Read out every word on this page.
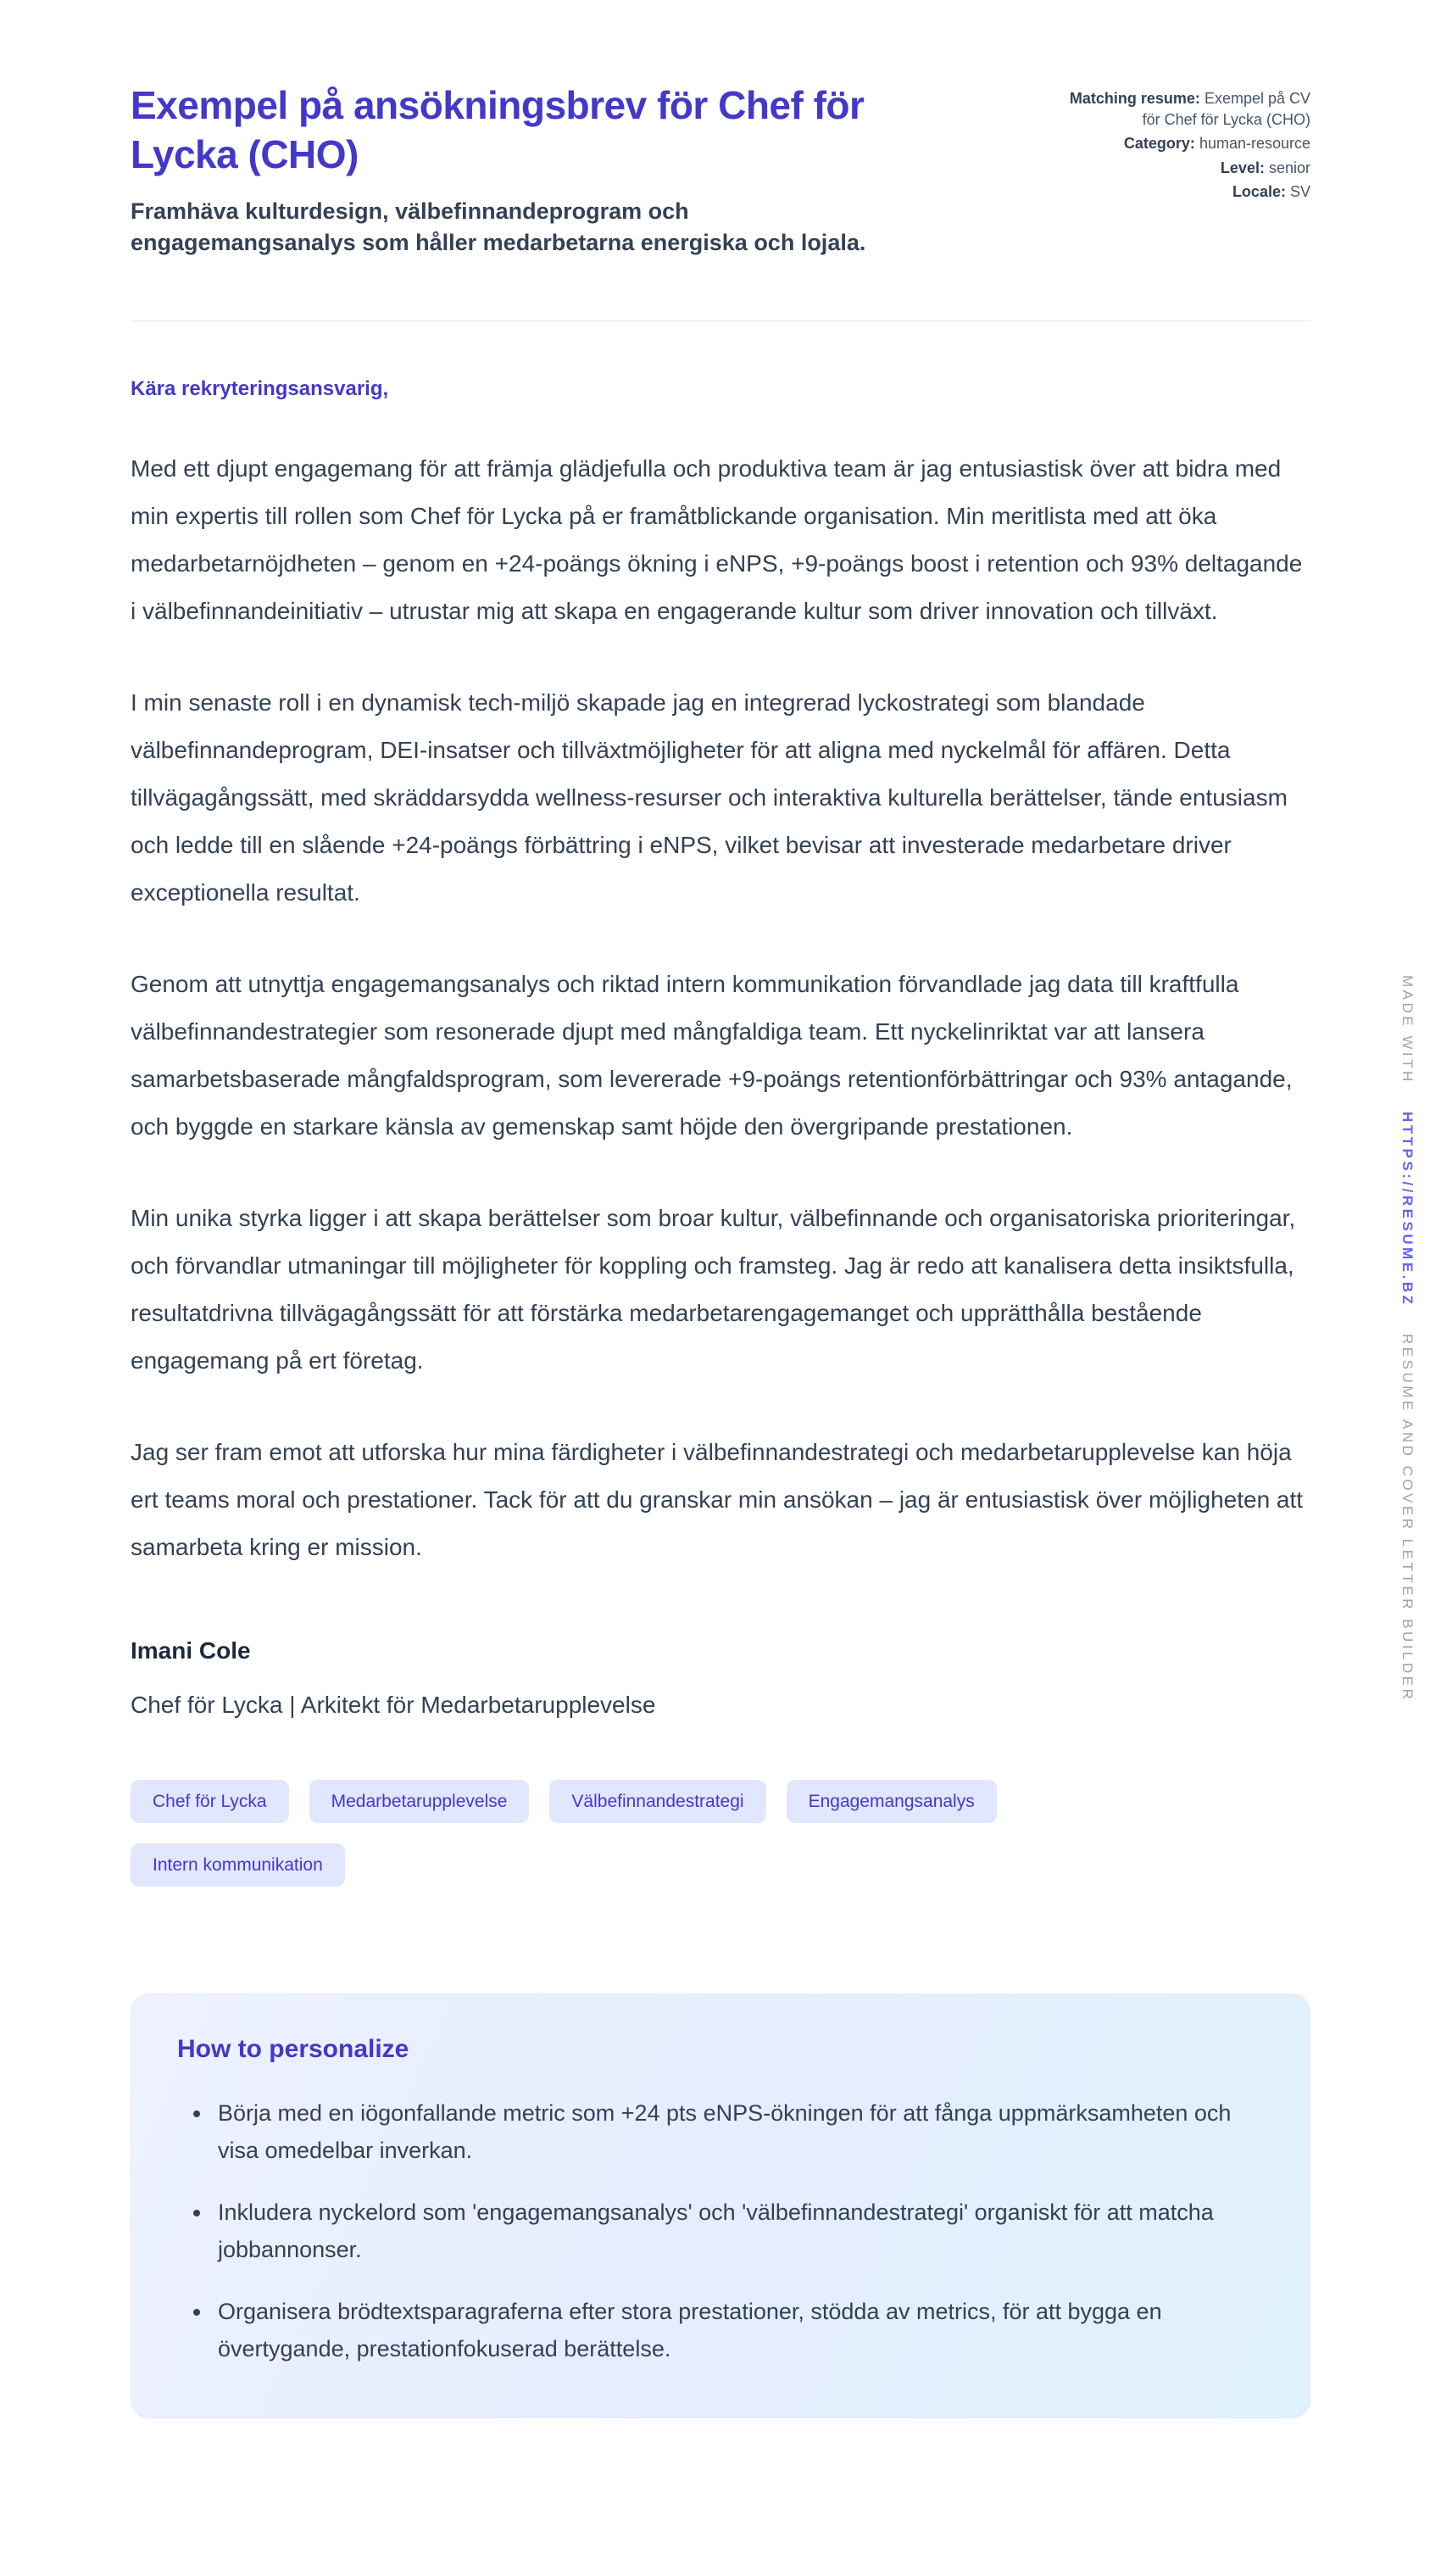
Exempel på ansökningsbrev för Chef för Lycka (CHO)
Framhäva kulturdesign, välbefinnandeprogram och engagemangsanalys som håller medarbetarna energiska och lojala.
Matching resume: Exempel på CV för Chef för Lycka (CHO)
Category: human-resource
Level: senior
Locale: SV
Kära rekryteringsansvarig,

Med ett djupt engagemang för att främja glädjefulla och produktiva team är jag entusiastisk över att bidra med min expertis till rollen som Chef för Lycka på er framåtblickande organisation. Min meritlista med att öka medarbetarnöjdheten – genom en +24-poängs ökning i eNPS, +9-poängs boost i retention och 93% deltagande i välbefinnandeinitiativ – utrustar mig att skapa en engagerande kultur som driver innovation och tillväxt.

I min senaste roll i en dynamisk tech-miljö skapade jag en integrerad lyckostrategi som blandade välbefinnandeprogram, DEI-insatser och tillväxtmöjligheter för att aligna med nyckelmål för affären. Detta tillvägagångssätt, med skräddarsydda wellness-resurser och interaktiva kulturella berättelser, tände entusiasm och ledde till en slående +24-poängs förbättring i eNPS, vilket bevisar att investerade medarbetare driver exceptionella resultat.

Genom att utnyttja engagemangsanalys och riktad intern kommunikation förvandlade jag data till kraftfulla välbefinnandestrategier som resonerade djupt med mångfaldiga team. Ett nyckelinriktat var att lansera samarbetsbaserade mångfaldsprogram, som levererade +9-poängs retentionförbättringar och 93% antagande, och byggde en starkare känsla av gemenskap samt höjde den övergripande prestationen.

Min unika styrka ligger i att skapa berättelser som broar kultur, välbefinnande och organisatoriska prioriteringar, och förvandlar utmaningar till möjligheter för koppling och framsteg. Jag är redo att kanalisera detta insiktsfulla, resultatdrivna tillvägagångssätt för att förstärka medarbetarengagemanget och upprätthålla bestående engagemang på ert företag.

Jag ser fram emot att utforska hur mina färdigheter i välbefinnandestrategi och medarbetarupplevelse kan höja ert teams moral och prestationer. Tack för att du granskar min ansökan – jag är entusiastisk över möjligheten att samarbeta kring er mission.

Imani Cole
Chef för Lycka | Arkitekt för Medarbetarupplevelse
Chef för Lycka	Medarbetarupplevelse	Välbefinnandestrategi	Engagemangsanalys
Intern kommunikation
How to personalize
• Börja med en iögonfallande metric som +24 pts eNPS-ökningen för att fånga uppmärksamheten och visa omedelbar inverkan.
• Inkludera nyckelord som 'engagemangsanalys' och 'välbefinnandestrategi' organiskt för att matcha jobbannonser.
• Organisera brödtextsparagraferna efter stora prestationer, stödda av metrics, för att bygga en övertygande, prestationfokuserad berättelse.
MADE WITH
HTTPS://RESUME.BZ
RESUME AND COVER LETTER BUILDER
